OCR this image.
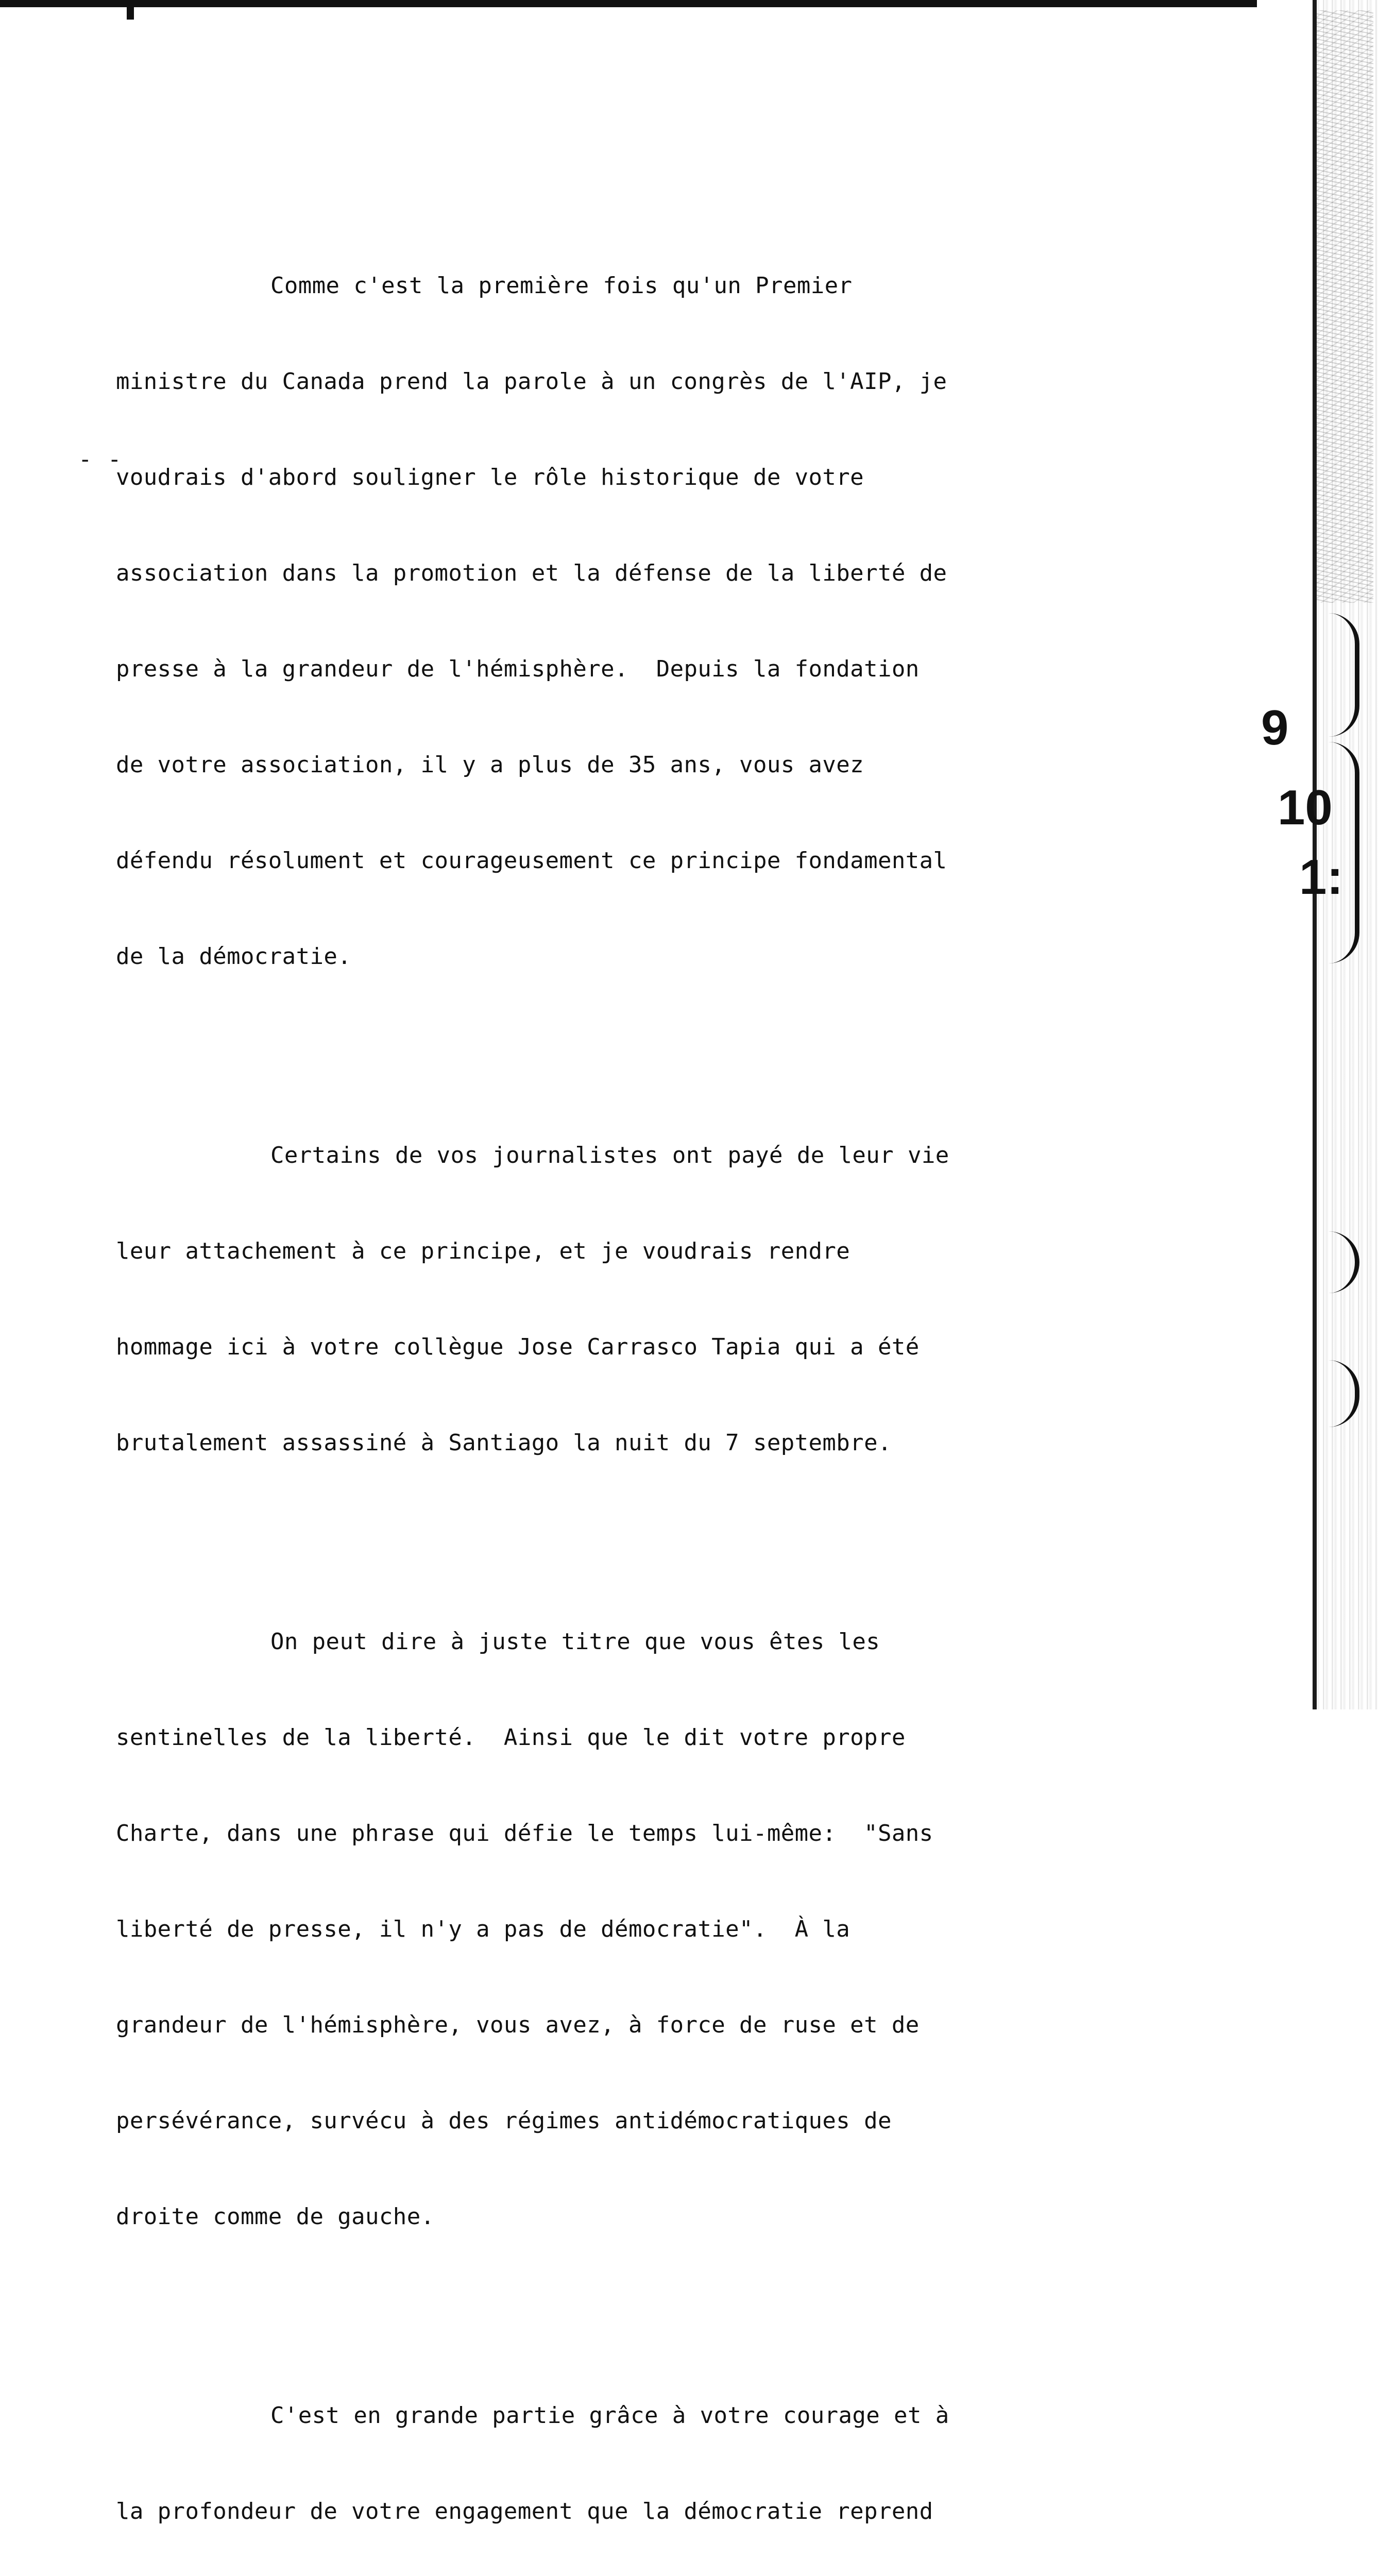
- -

Comme c'est la première fois qu'un Premier

ministre du Canada prend la parole à un congrès de l'AIP, je

voudrais d'abord souligner le rôle historique de votre

association dans la promotion et la défense de la liberté de

presse à la grandeur de l'hémisphère.  Depuis la fondation

de votre association, il y a plus de 35 ans, vous avez

défendu résolument et courageusement ce principe fondamental

de la démocratie.

Certains de vos journalistes ont payé de leur vie

leur attachement à ce principe, et je voudrais rendre

hommage ici à votre collègue Jose Carrasco Tapia qui a été

brutalement assassiné à Santiago la nuit du 7 septembre.

On peut dire à juste titre que vous êtes les

sentinelles de la liberté.  Ainsi que le dit votre propre

Charte, dans une phrase qui défie le temps lui-même:  "Sans

liberté de presse, il n'y a pas de démocratie".  À la

grandeur de l'hémisphère, vous avez, à force de ruse et de

persévérance, survécu à des régimes antidémocratiques de

droite comme de gauche.

C'est en grande partie grâce à votre courage et à

la profondeur de votre engagement que la démocratie reprend

9
10
1:
